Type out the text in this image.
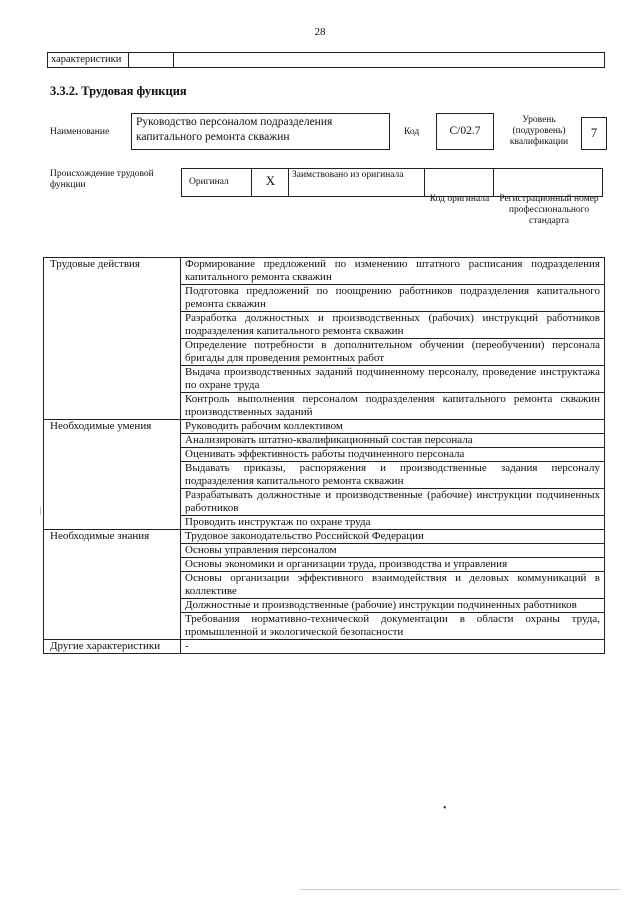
28
характеристики
3.3.2. Трудовая функция
Наименование
Руководство персоналом подразделения капитального ремонта скважин	Код	C/02.7
Уровень (подуровень) квалификации
7
Происхождение трудовой функции	Оригинал	X	Заимствовано из оригинала
Код оригинала	Регистрационный номер профессионального стандарта
Трудовые действия	Формирование предложений по изменению штатного расписания подразделения капитального ремонта скважин
	Подготовка предложений по поощрению работников подразделения капитального ремонта скважин
	Разработка должностных и производственных (рабочих) инструкций работников подразделения капитального ремонта скважин
	Определение потребности в дополнительном обучении (переобучении) персонала бригады для проведения ремонтных работ
	Выдача производственных заданий подчиненному персоналу, проведение инструктажа по охране труда
	Контроль выполнения персоналом подразделения капитального ремонта скважин производственных заданий
Необходимые умения	Руководить рабочим коллективом
	Анализировать штатно-квалификационный состав персонала
	Оценивать эффективность работы подчиненного персонала
	Выдавать приказы, распоряжения и производственные задания персоналу подразделения капитального ремонта скважин
	Разрабатывать должностные и производственные (рабочие) инструкции подчиненных работников
	Проводить инструктаж по охране труда
Необходимые знания	Трудовое законодательство Российской Федерации
	Основы управления персоналом
	Основы экономики и организации труда, производства и управления
	Основы организации эффективного взаимодействия и деловых коммуникаций в коллективе
	Должностные и производственные (рабочие) инструкции подчиненных работников
	Требования нормативно-технической документации в области охраны труда, промышленной и экологической безопасности
Другие характеристики	-
|
•
